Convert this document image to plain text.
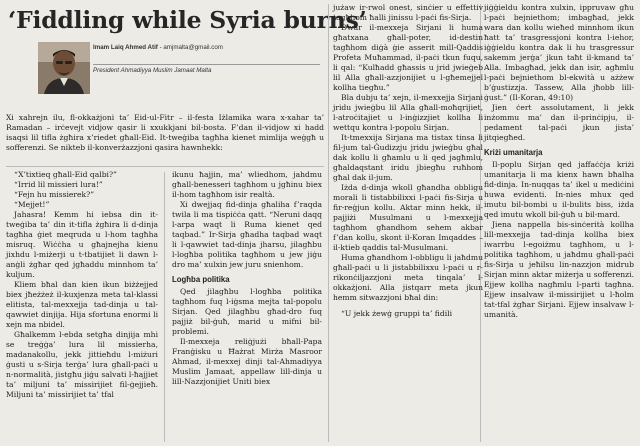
‘Fiddling while Syria burns’
Imam Laiq Ahmed Atif - amjmalta@gmail.com
President Ahmadiyya Muslim Jamaat Malta
Xi xahrejn ilu, fl-okkażjoni ta’ Eid-ul-Fitr – il-festa Iżlamika wara x-xahar ta’ Ramadan – irċevejt vidjow qasir li xxukkjani bil-bosta. F’dan il-vidjow xi hadd isaqsi lil tifla żgħira x’riedet għall-Eid. It-tweġiba tagħha kienet mimlija weġgħ u sofferenzi. Se nikteb il-konverżazzjoni qasira hawnhekk:

“X’tixtieq għall-Eid qalbi?”

“Irrid lil missieri lura!”

“Fejn hu missierek?”

“Mejjet!”

Jahasra! Kemm hi iebsa din it-tweġiba ta’ din it-tifla żgħira li d-dinja tagħha ġiet meqruda u l-hom tagħha misruq. Wiċċha u għajnejha kienu jixhdu l-miżerji u t-tbatijiet li dawn l-anġli żgħar qed jgħaddu minnhom ta’ kuljum.

Kliem bħal dan kien ikun biżżejjed biex jħeżżeż il-kuxjenza meta tal-klassi elitista, tal-mexxejja tad-dinja u tal-qawwiet dinjija. Hija sfortuna enormi li xejn ma nbidel.

Għalkemm l-ebda setgħa dinjija mhi se treġġa’ lura lil missierha, madanakollu, jekk jittieħdu l-miżuri ġusti u s-Sirja terġa’ lura għall-paċi u n-normalità, jistgħu jiġu salvati l-ħajjiet ta’ miljuni ta’ missirijiet fil-ġejjieħ. Miljuni ta’ missirijiet ta’ tfal

ikunu ħajjin, ma’ wliedhom, jahdmu għall-benesseri tagħhom u jgħinu biex il-hom tagħhom isir realtà.

Xi dwejjaq fid-dinja għaliha f’raqda twila li ma tispiċċa qatt. “Neruni daqq l-arpa waqt li Ruma kienet qed taqbad.” Ir-Sirja għadha taqbad waqt li l-qawwiet tad-dinja jharsu, jilagħbu l-logħba politika tagħhom u jew jiġu dro ma’ xulxin jew juru snienhom.

Logħba politika

Qed jilagħbu l-logħba politika tagħhom fuq l-iġsma mejta tal-popolu Sirjan. Qed jilagħbu għad-dro fuq pajjiż bil-ġuħ, marid u mifni bil-problemi.

Il-mexxeja reliġjużi bħall-Papa Franġisku u Ħażrat Mirża Masroor Ahmad, il-mexxej dinji tal-Ahmadiyya Muslim Jamaat, appellaw lill-dinja u lill-Nazzjonijiet Uniti biex

jużaw ir-rwol onest, sinċier u effettiv tagħhom ħalli jinissu l-paċi fis-Sirja.

Dwar il-mexxeja Sirjani li huma għatxana għall-poter, id-destin tagħhom diġà ġie asserit mill-Qaddis Profeta Muħammad, il-paċi tkun fuqu, li qal: “Kulħadd għassis u jrid jwieġeb lil Alla għall-azzjonijiet u l-għemejjel kollha tiegħu.”

Bla dubju ta’ xejn, il-mexxejja Sirjani jridu jwieġbu lil Alla għall-moħqrijiet, l-atroċitajiet u l-inġizzjiet kollha li wettqu kontra l-popolu Sirjan.

It-tmexxija Sirjana ma tistax tinsa li fil-jum tal-Ġudizzju jridu jwieġbu għal dak kollu li għamlu u li qed jagħmlu, għaldaqstant iridu jbiegħu ruħhom għal dak il-jum.

Iżda d-dinja wkoll għandha obbligu morali li tistabbilixxi l-paċi fis-Sirja u fir-reġjun kollu. Aktar minn hekk, il-pajjiżi Musulmani u l-mexxejja tagħhom għandhom sehem akbar f’dan kollu, skont il-Koran Imqaddes – il-ktieb qaddis tal-Musulmani.

Huma għandhom l-obbligu li jaħdmu għall-paċi u li jistabbilixxu l-paċi u r-rikonċiljazzjoni meta tinqala’ l-okkażjoni. Alla jistqarr meta jkun hemm sitwazzjoni bħal din:

“U jekk żewġ gruppi ta’ fidili

jiġġieldu kontra xulxin, ippruvaw għu l-paċi bejniethom; imbagħad, jekk wara dan kollu wieħed minnhom ikun ħatt ta’ trasgressjoni kontra l-iehor, iġġieldu kontra dak li hu trasgressur sakemm jerġa’ jkun taħt il-kmand ta’ Alla. Imbagħad, jekk dan isir, agħmlu l-paċi bejniethom bl-ekwità u ażżew b’ġustizzja. Tassew, Alla jħobb lill-ġust.” (Il-Koran, 49:10)

Jien ċert assolutament, li jekk inżommu ma’ dan il-prinċipju, il-pedament tal-paċi jkun jista’ jitqiegħed.

Kriżi umanitarja

Il-poplu Sirjan qed jaffaċċja kriżi umanitarja li ma kienx hawn bħalha fid-dinja. In-nuqqas ta’ ikel u mediċini huwa evidenti. In-nies mhux qed imutu bil-bombi u il-bulits biss, iżda qed imutu wkoll bil-ġuħ u bil-mard.

Jiena nappella bis-sinċerità kollha lill-mexxejja tad-dinja kollha biex iwarrbu l-egoiżmu tagħhom, u l-politika tagħhom, u jaħdmu għall-paċi fis-Sirja u jeħilsu lin-nazzjon midrub Sirjan minn aktar miżerja u sofferenzi. Ejjew kollha nagħmlu l-parti tagħna. Ejjew insalvaw il-missirijiet u l-ħolm tat-tfal żgħar Sirjani. Ejjew insalvaw l-umanità.
